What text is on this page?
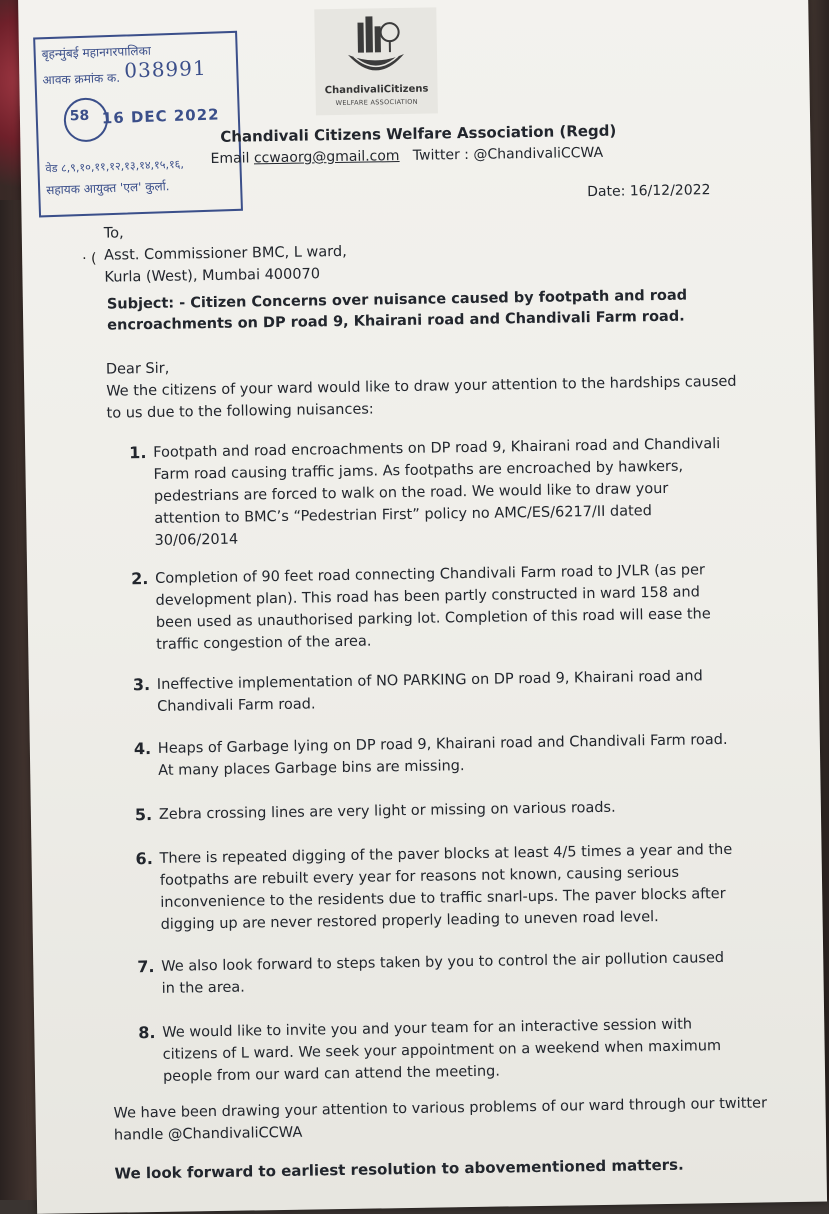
ChandivaliCitizens
WELFARE ASSOCIATION
बृहन्मुंबई महानगरपालिका
आवक क्रमांक क. 038991
58 16 DEC 2022
वेड ८,९,१०,११,१२,१३,१४,१५,१६,
सहायक आयुक्त 'एल' कुर्ला.
Chandivali Citizens Welfare Association (Regd)
Email ccwaorg@gmail.com Twitter : @ChandivaliCCWA
Date: 16/12/2022
To,
Asst. Commissioner BMC, L ward,
Kurla (West), Mumbai 400070
· (
Subject: - Citizen Concerns over nuisance caused by footpath and road encroachments on DP road 9, Khairani road and Chandivali Farm road.
Dear Sir,
We the citizens of your ward would like to draw your attention to the hardships caused to us due to the following nuisances:
1. Footpath and road encroachments on DP road 9, Khairani road and Chandivali Farm road causing traffic jams. As footpaths are encroached by hawkers, pedestrians are forced to walk on the road. We would like to draw your attention to BMC’s “Pedestrian First” policy no AMC/ES/6217/II dated 30/06/2014
2. Completion of 90 feet road connecting Chandivali Farm road to JVLR (as per development plan). This road has been partly constructed in ward 158 and been used as unauthorised parking lot. Completion of this road will ease the traffic congestion of the area.
3. Ineffective implementation of NO PARKING on DP road 9, Khairani road and Chandivali Farm road.
4. Heaps of Garbage lying on DP road 9, Khairani road and Chandivali Farm road. At many places Garbage bins are missing.
5. Zebra crossing lines are very light or missing on various roads.
6. There is repeated digging of the paver blocks at least 4/5 times a year and the footpaths are rebuilt every year for reasons not known, causing serious inconvenience to the residents due to traffic snarl-ups. The paver blocks after digging up are never restored properly leading to uneven road level.
7. We also look forward to steps taken by you to control the air pollution caused in the area.
8. We would like to invite you and your team for an interactive session with citizens of L ward. We seek your appointment on a weekend when maximum people from our ward can attend the meeting.
We have been drawing your attention to various problems of our ward through our twitter handle @ChandivaliCCWA
We look forward to earliest resolution to abovementioned matters.
